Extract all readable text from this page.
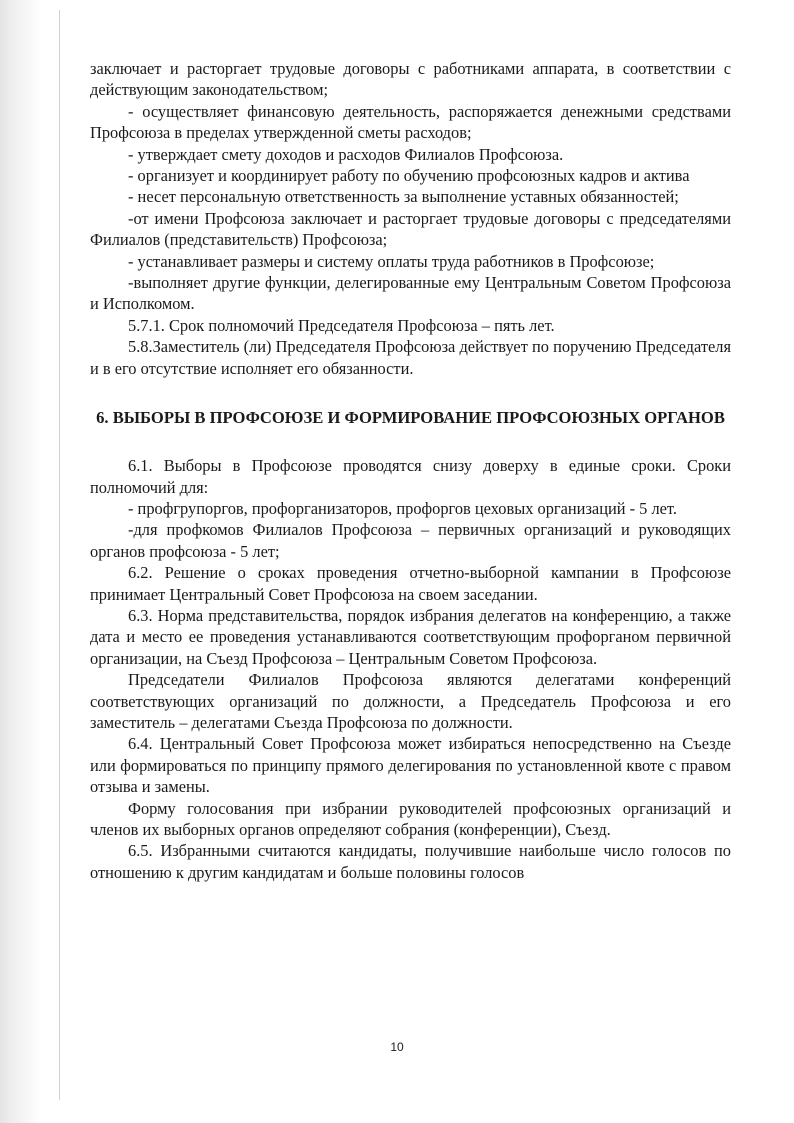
заключает и расторгает трудовые договоры с работниками аппарата, в соответствии с действующим законодательством;

- осуществляет финансовую деятельность, распоряжается денежными средствами Профсоюза в пределах утвержденной сметы расходов;

- утверждает смету доходов и расходов Филиалов Профсоюза.

- организует и координирует работу по обучению профсоюзных кадров и актива

- несет персональную ответственность за выполнение уставных обязанностей;

-от имени Профсоюза заключает и расторгает трудовые договоры с председателями Филиалов (представительств) Профсоюза;

- устанавливает размеры и систему оплаты труда работников в Профсоюзе;

-выполняет другие функции, делегированные ему Центральным Советом Профсоюза и Исполкомом.

5.7.1. Срок полномочий Председателя Профсоюза – пять лет.

5.8.Заместитель (ли) Председателя Профсоюза действует по поручению Председателя и в его отсутствие исполняет его обязанности.

6. ВЫБОРЫ В ПРОФСОЮЗЕ И ФОРМИРОВАНИЕ ПРОФСОЮЗНЫХ ОРГАНОВ

6.1. Выборы в Профсоюзе проводятся снизу доверху в единые сроки. Сроки полномочий для:

- профгрупоргов, профорганизаторов, профоргов цеховых организаций - 5 лет.

-для профкомов Филиалов Профсоюза – первичных организаций и руководящих органов профсоюза - 5 лет;

6.2. Решение о сроках проведения отчетно-выборной кампании в Профсоюзе принимает Центральный Совет Профсоюза на своем заседании.

6.3. Норма представительства, порядок избрания делегатов на конференцию, а также дата и место ее проведения устанавливаются соответствующим профорганом первичной организации, на Съезд Профсоюза – Центральным Советом Профсоюза.

Председатели Филиалов Профсоюза являются делегатами конференций соответствующих организаций по должности, а Председатель Профсоюза и его заместитель – делегатами Съезда Профсоюза по должности.

6.4. Центральный Совет Профсоюза может избираться непосредственно на Съезде или формироваться по принципу прямого делегирования по установленной квоте с правом отзыва и замены.

Форму голосования при избрании руководителей профсоюзных организаций и членов их выборных органов определяют собрания (конференции), Съезд.

6.5. Избранными считаются кандидаты, получившие наибольше число голосов по отношению к другим кандидатам и больше половины голосов

10
